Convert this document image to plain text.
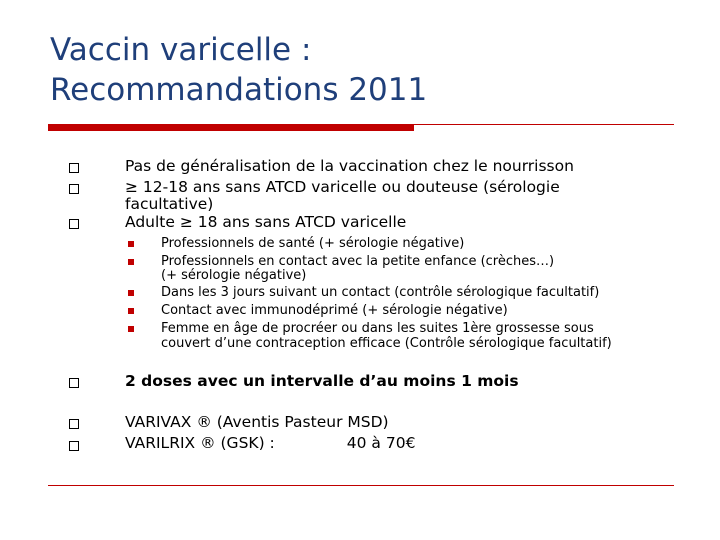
Vaccin varicelle :
Recommandations 2011
Pas de généralisation de la vaccination chez le nourrisson
≥ 12-18 ans sans ATCD varicelle ou douteuse (sérologie
facultative)
Adulte ≥ 18 ans sans ATCD varicelle
Professionnels de santé (+ sérologie négative)
Professionnels en contact avec la petite enfance (crèches…)
(+ sérologie négative)
Dans les 3 jours suivant un contact (contrôle sérologique facultatif)
Contact avec immunodéprimé (+ sérologie négative)
Femme en âge de procréer ou dans les suites 1ère grossesse sous
couvert d’une contraception efficace (Contrôle sérologique facultatif)
2 doses avec un intervalle d’au moins 1 mois
VARIVAX ® (Aventis Pasteur MSD)
VARILRIX ® (GSK) :	40 à 70€
